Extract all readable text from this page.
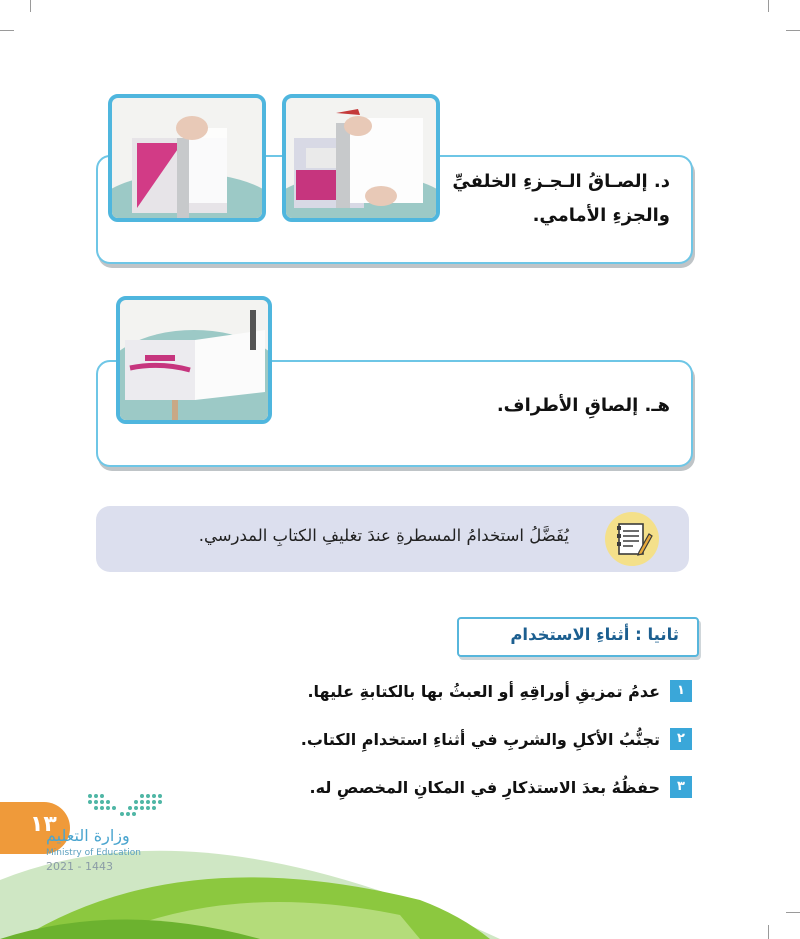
د. إلصـاقُ الـجـزءِ الخلفيِّ
والجزءِ الأمامي.
هـ. إلصاقِ الأطراف.
يُفَضَّلُ استخدامُ المسطرةِ عندَ تغليفِ الكتابِ المدرسي.
ثانيا : أثناءِ الاستخدام
١
عدمُ تمزيقِ أوراقِهِ أو العبثُ بها بالكتابةِ عليها.
٢
تجنُّبُ الأكلِ والشربِ في أثناءِ استخدامِ الكتاب.
٣
حفظُهُ بعدَ الاستذكارِ في المكانِ المخصصِ له.
١٣
وزارة التعليم
Ministry of Education
2021 - 1443
